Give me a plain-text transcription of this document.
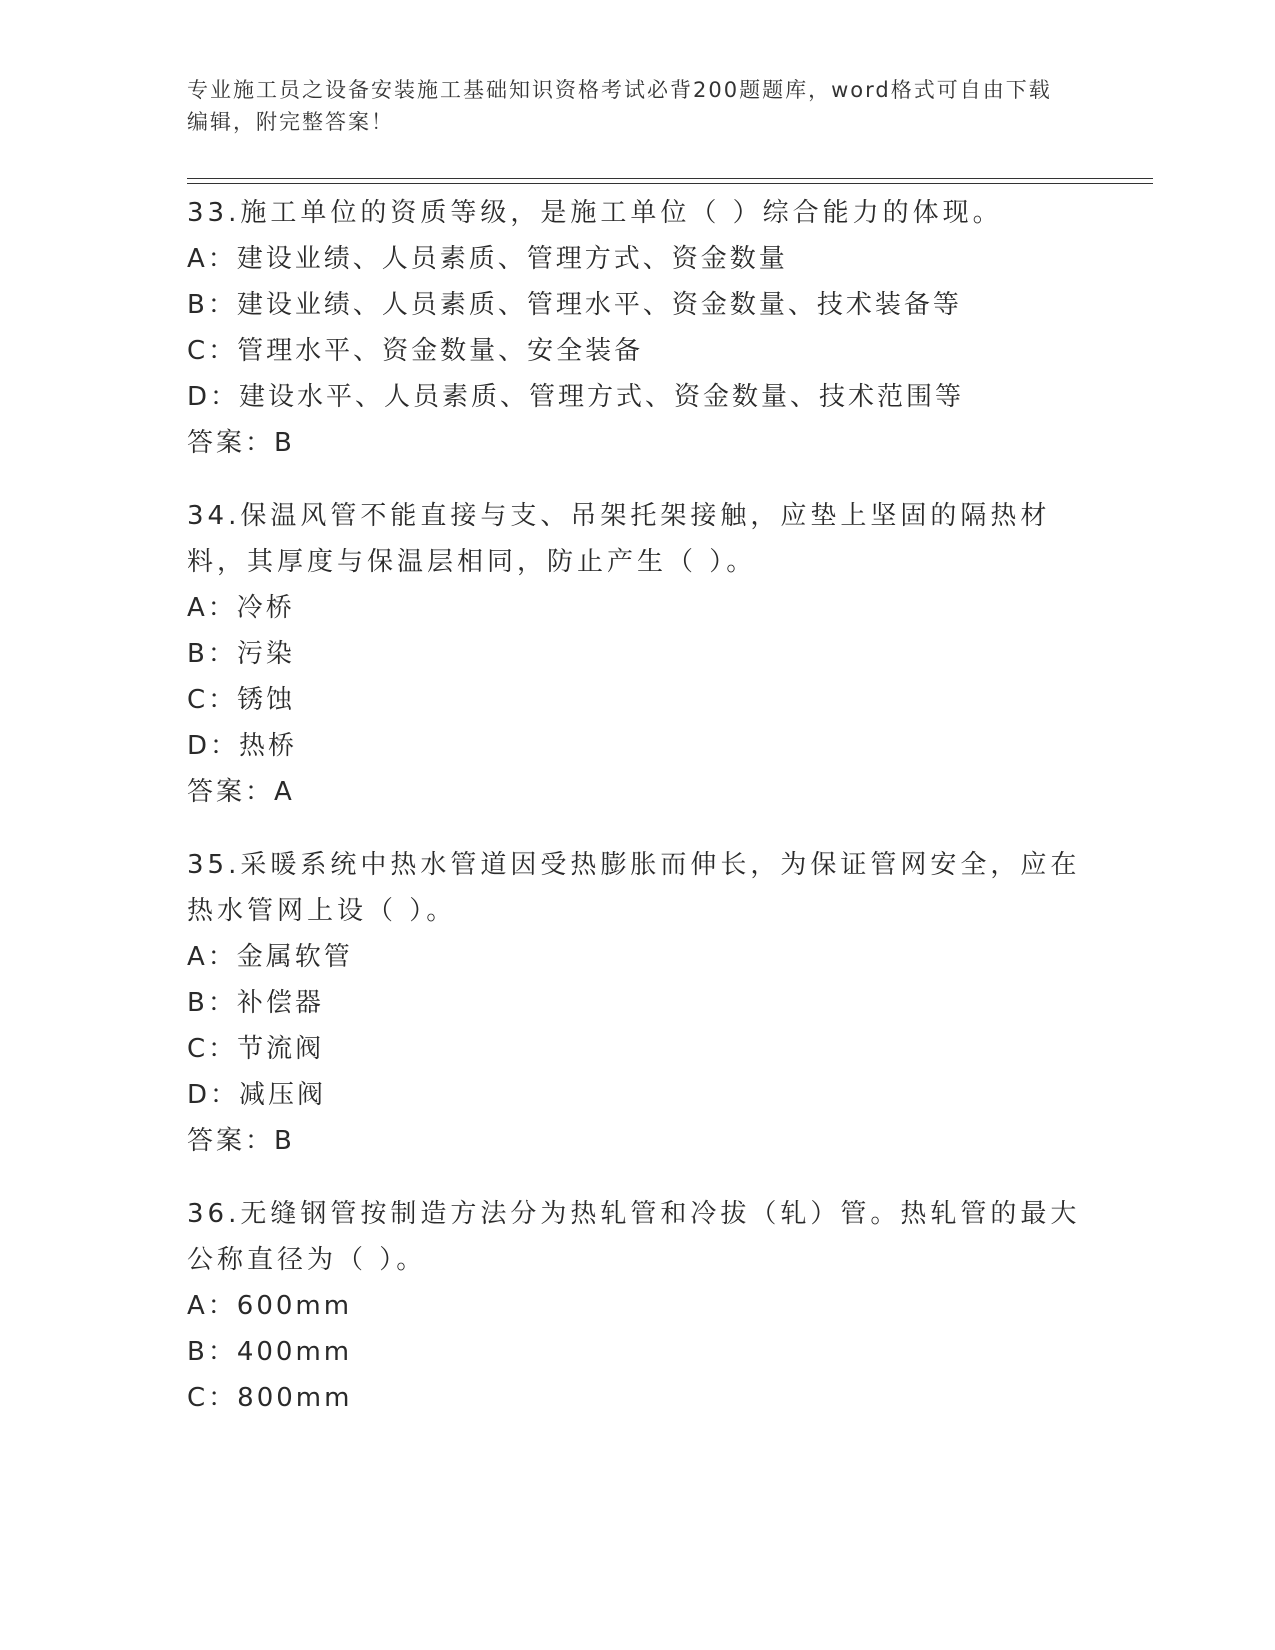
专业施工员之设备安装施工基础知识资格考试必背200题题库，word格式可自由下载编辑，附完整答案！
33.施工单位的资质等级，是施工单位（ ）综合能力的体现。
A：建设业绩、人员素质、管理方式、资金数量
B：建设业绩、人员素质、管理水平、资金数量、技术装备等
C：管理水平、资金数量、安全装备
D：建设水平、人员素质、管理方式、资金数量、技术范围等
答案：B
34.保温风管不能直接与支、吊架托架接触，应垫上坚固的隔热材料，其厚度与保温层相同，防止产生（ ）。
A：冷桥
B：污染
C：锈蚀
D：热桥
答案：A
35.采暖系统中热水管道因受热膨胀而伸长，为保证管网安全，应在热水管网上设（ ）。
A：金属软管
B：补偿器
C：节流阀
D：减压阀
答案：B
36.无缝钢管按制造方法分为热轧管和冷拔（轧）管。热轧管的最大公称直径为（ ）。
A：600mm
B：400mm
C：800mm
